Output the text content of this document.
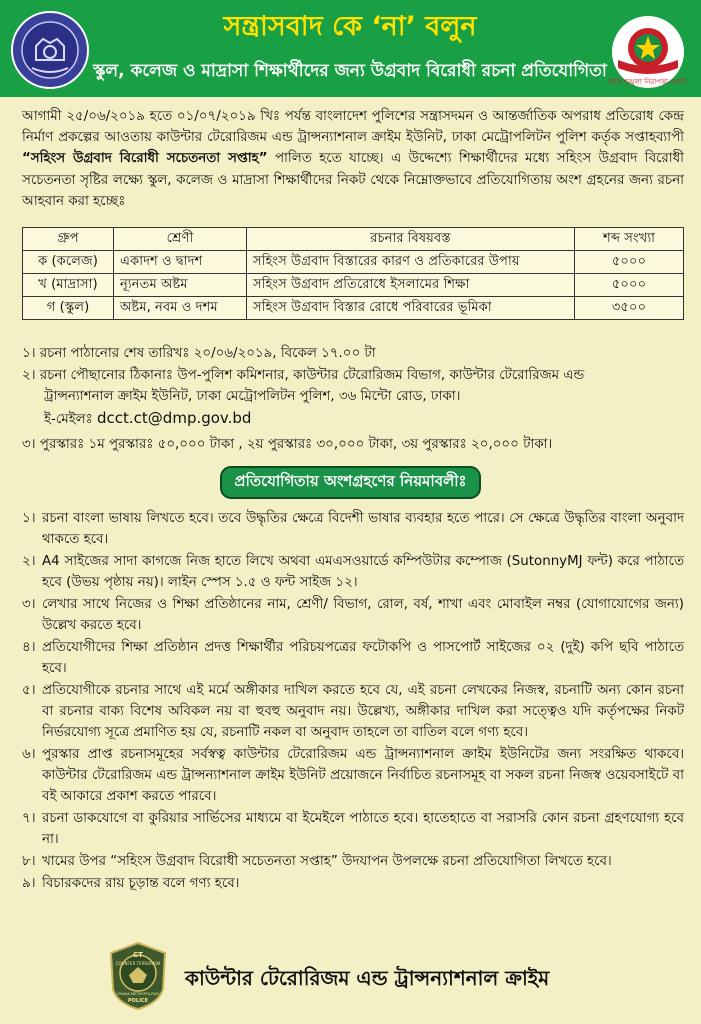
সন্ত্রাসবাদ কে ‘না’ বলুন
স্কুল, কলেজ ও মাদ্রাসা শিক্ষার্থীদের জন্য উগ্রবাদ বিরোধী রচনা প্রতিযোগিতা
শান্তি শৃঙ্খলা নিরাপত্তা প্রগতি
আগামী ২৫/০৬/২০১৯ হতে ০১/০৭/২০১৯ খিঃ পর্যন্ত বাংলাদেশ পুলিশের সন্ত্রাসদমন ও আন্তর্জাতিক অপরাধ প্রতিরোধ কেন্দ্র নির্মাণ প্রকল্পের আওতায় কাউন্টার টেরোরিজম এন্ড ট্রান্সন্যাশনাল ক্রাইম ইউনিট, ঢাকা মেট্রোপলিটন পুলিশ কর্তৃক সপ্তাহব্যাপী “সহিংস উগ্রবাদ বিরোধী সচেতনতা সপ্তাহ” পালিত হতে যাচ্ছে। এ উদ্দেশ্যে শিক্ষার্থীদের মধ্যে সহিংস উগ্রবাদ বিরোধী সচেতনতা সৃষ্টির লক্ষ্যে স্কুল, কলেজ ও মাদ্রাসা শিক্ষার্থীদের নিকট থেকে নিম্নোক্তভাবে প্রতিযোগিতায় অংশ গ্রহনের জন্য রচনা আহবান করা হচ্ছেঃ
গ্রুপ	শ্রেণী	রচনার বিষয়বস্ত	শব্দ সংখ্যা
ক (কলেজ)	একাদশ ও দ্বাদশ	সহিংস উগ্রবাদ বিস্তারের কারণ ও প্রতিকারের উপায়	৫০০০
খ (মাদ্রাসা)	ন্যূনতম অষ্টম	সহিংস উগ্রবাদ প্রতিরোধে ইসলামের শিক্ষা	৫০০০
গ (স্কুল)	অষ্টম, নবম ও দশম	সহিংস উগ্রবাদ বিস্তার রোধে পরিবারের ভূমিকা	৩৫০০
১। রচনা পাঠানোর শেষ তারিখঃ ২০/০৬/২০১৯, বিকেল ১৭.০০ টা
২। রচনা পৌছানোর ঠিকানাঃ উপ-পুলিশ কমিশনার, কাউন্টার টেরোরিজম বিভাগ, কাউন্টার টেরোরিজম এন্ড
ট্রান্সন্যাশনাল ক্রাইম ইউনিট, ঢাকা মেট্রোপলিটন পুলিশ, ৩৬ মিন্টো রোড, ঢাকা।
ই-মেইলঃ dcct.ct@dmp.gov.bd
৩। পুরস্কারঃ ১ম পুরস্কারঃ ৫০,০০০ টাকা , ২য় পুরস্কারঃ ৩০,০০০ টাকা, ৩য় পুরস্কারঃ ২০,০০০ টাকা।
প্রতিযোগিতায় অংশগ্রহণের নিয়মাবলীঃ
১। রচনা বাংলা ভাষায় লিখতে হবে। তবে উদ্ধৃতির ক্ষেত্রে বিদেশী ভাষার ব্যবহার হতে পারে। সে ক্ষেত্রে উদ্ধৃতির বাংলা অনুবাদ থাকতে হবে।
২। A4 সাইজের সাদা কাগজে নিজ হাতে লিখে অথবা এমএসওয়ার্ডে কম্পিউটার কম্পোজ (SutonnyMJ ফন্ট) করে পাঠাতে হবে (উভয় পৃষ্ঠায় নয়)। লাইন স্পেস ১.৫ ও ফন্ট সাইজ ১২।
৩। লেখার সাথে নিজের ও শিক্ষা প্রতিষ্ঠানের নাম, শ্রেণী/ বিভাগ, রোল, বর্ষ, শাখা এবং মোবাইল নম্বর (যোগাযোগের জন্য) উল্লেখ করতে হবে।
৪। প্রতিযোগীদের শিক্ষা প্রতিষ্ঠান প্রদত্ত শিক্ষার্থীর পরিচয়পত্রের ফটোকপি ও পাসপোর্ট সাইজের ০২ (দুই) কপি ছবি পাঠাতে হবে।
৫। প্রতিযোগীকে রচনার সাথে এই মর্মে অঙ্গীকার দাখিল করতে হবে যে, এই রচনা লেখকের নিজস্ব, রচনাটি অন্য কোন রচনা বা রচনার বাক্য বিশেষ অবিকল নয় বা হুবহু অনুবাদ নয়। উল্লেখ্য, অঙ্গীকার দাখিল করা সত্ত্বেও যদি কর্তৃপক্ষের নিকট নির্ভরযোগ্য সূত্রে প্রমাণিত হয় যে, রচনাটি নকল বা অনুবাদ তাহলে তা বাতিল বলে গণ্য হবে।
৬। পুরস্কার প্রাপ্ত রচনাসমূহের সর্বস্বত্ব কাউন্টার টেরোরিজম এন্ড ট্রান্সন্যাশনাল ক্রাইম ইউনিটের জন্য সংরক্ষিত থাকবে। কাউন্টার টেরোরিজম এন্ড ট্রান্সন্যাশনাল ক্রাইম ইউনিট প্রয়োজনে নির্বাচিত রচনাসমূহ বা সকল রচনা নিজস্ব ওয়েবসাইটে বা বই আকারে প্রকাশ করতে পারবে।
৭। রচনা ডাকযোগে বা কুরিয়ার সার্ভিসের মাধ্যমে বা ইমেইলে পাঠাতে হবে। হাতেহাতে বা সরাসরি কোন রচনা গ্রহণযোগ্য হবে না।
৮। খামের উপর “সহিংস উগ্রবাদ বিরোধী সচেতনতা সপ্তাহ” উদযাপন উপলক্ষে রচনা প্রতিযোগিতা লিখতে হবে।
৯। বিচারকদের রায় চূড়ান্ত বলে গণ্য হবে।
CT
COUNTER TERRORISM
DHAKA METROPOLITAN
POLICE
কাউন্টার টেরোরিজম এন্ড ট্রান্সন্যাশনাল ক্রাইম
